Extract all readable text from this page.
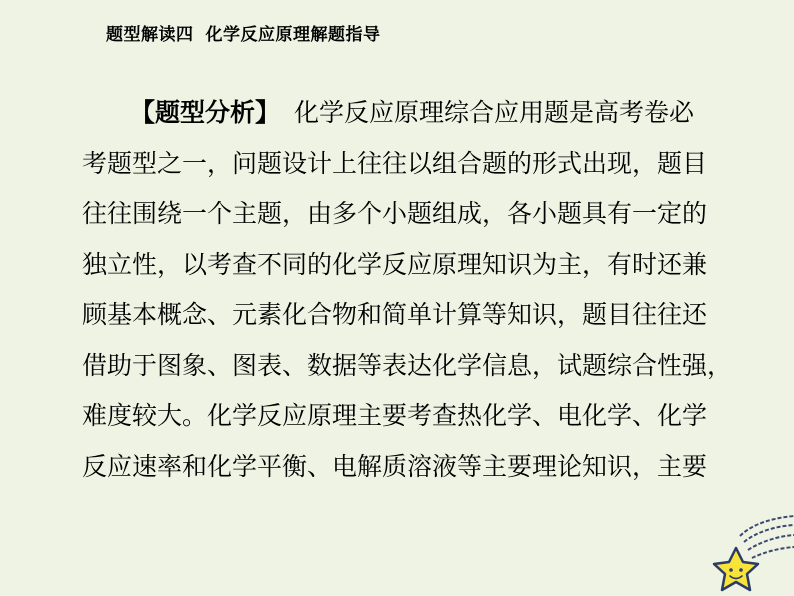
题型解读四 化学反应原理解题指导
【题型分析】 化学反应原理综合应用题是高考卷必
考题型之一，问题设计上往往以组合题的形式出现，题目
往往围绕一个主题，由多个小题组成，各小题具有一定的
独立性，以考查不同的化学反应原理知识为主，有时还兼
顾基本概念、元素化合物和简单计算等知识，题目往往还
借助于图象、图表、数据等表达化学信息，试题综合性强，
难度较大。化学反应原理主要考查热化学、电化学、化学
反应速率和化学平衡、电解质溶液等主要理论知识，主要
